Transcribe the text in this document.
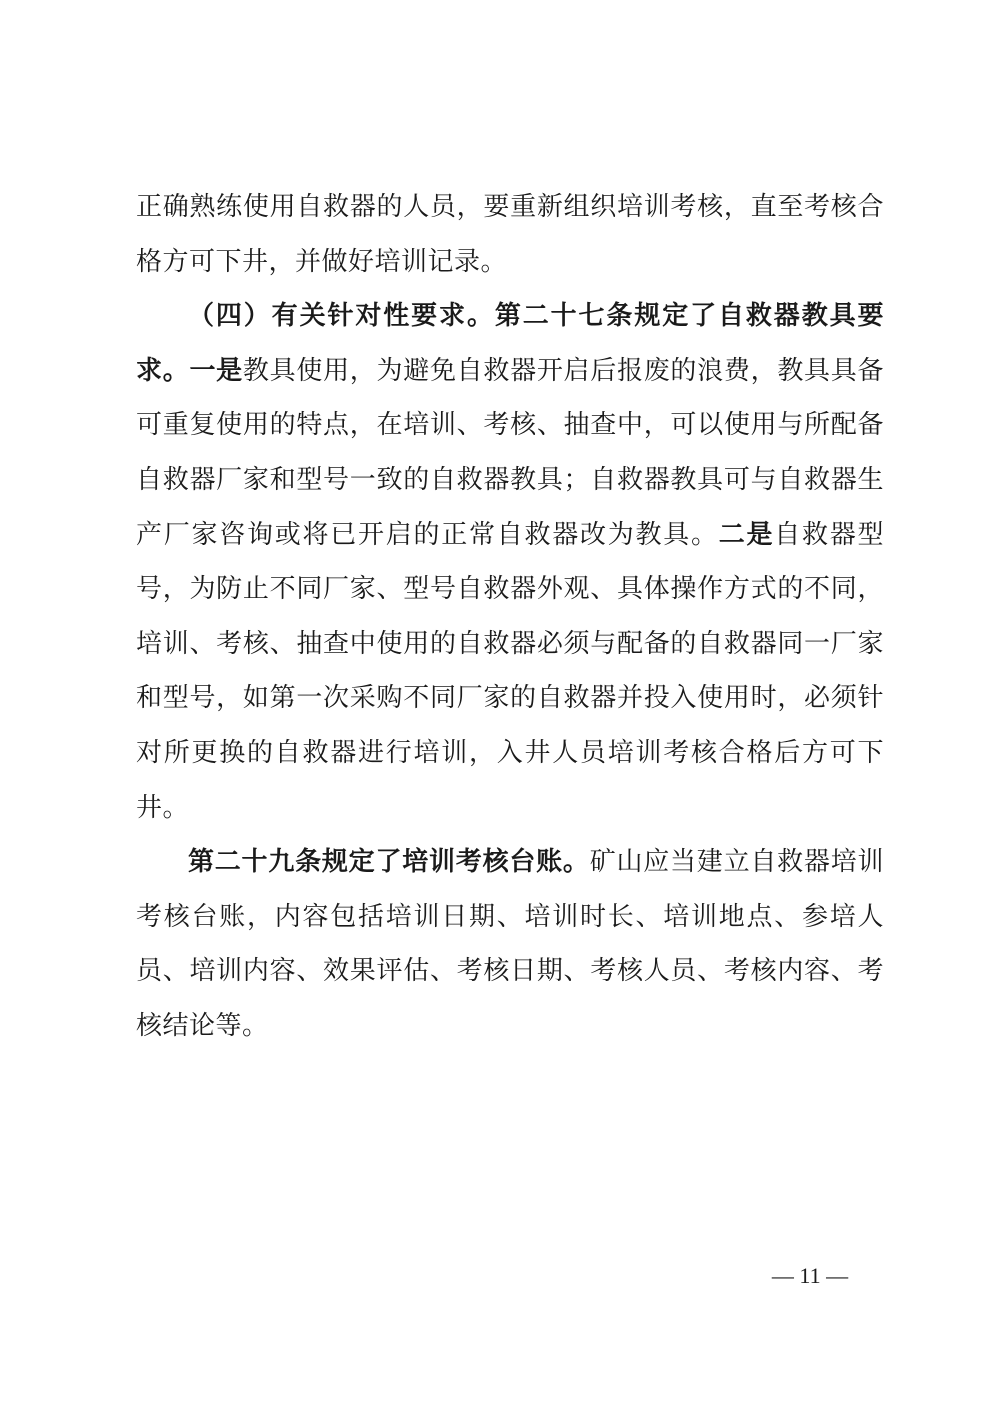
正确熟练使用自救器的人员，要重新组织培训考核，直至考核合格方可下井，并做好培训记录。

（四）有关针对性要求。第二十七条规定了自救器教具要求。一是教具使用，为避免自救器开启后报废的浪费，教具具备可重复使用的特点，在培训、考核、抽查中，可以使用与所配备自救器厂家和型号一致的自救器教具；自救器教具可与自救器生产厂家咨询或将已开启的正常自救器改为教具。二是自救器型号，为防止不同厂家、型号自救器外观、具体操作方式的不同，培训、考核、抽查中使用的自救器必须与配备的自救器同一厂家和型号，如第一次采购不同厂家的自救器并投入使用时，必须针对所更换的自救器进行培训，入井人员培训考核合格后方可下井。

第二十九条规定了培训考核台账。矿山应当建立自救器培训考核台账，内容包括培训日期、培训时长、培训地点、参培人员、培训内容、效果评估、考核日期、考核人员、考核内容、考核结论等。

— 11 —
